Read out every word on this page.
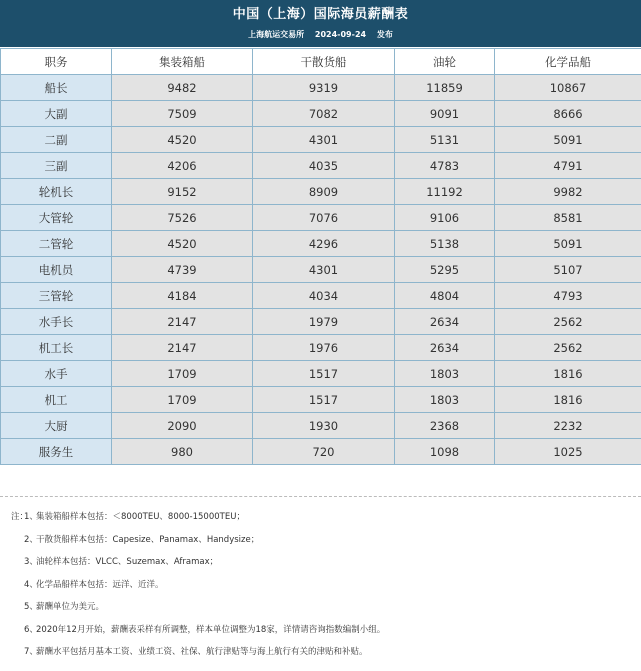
中国（上海）国际海员薪酬表
上海航运交易所 2024-09-24 发布
职务	集装箱船	干散货船	油轮	化学品船
船长	9482	9319	11859	10867
大副	7509	7082	9091	8666
二副	4520	4301	5131	5091
三副	4206	4035	4783	4791
轮机长	9152	8909	11192	9982
大管轮	7526	7076	9106	8581
二管轮	4520	4296	5138	5091
电机员	4739	4301	5295	5107
三管轮	4184	4034	4804	4793
水手长	2147	1979	2634	2562
机工长	2147	1976	2634	2562
水手	1709	1517	1803	1816
机工	1709	1517	1803	1816
大厨	2090	1930	2368	2232
服务生	980	720	1098	1025
注：1、集装箱船样本包括：＜8000TEU、8000-15000TEU；
2、干散货船样本包括：Capesize、Panamax、Handysize；
3、油轮样本包括：VLCC、Suzemax、Aframax；
4、化学品船样本包括：远洋、近洋。
5、薪酬单位为美元。
6、2020年12月开始，薪酬表采样有所调整，样本单位调整为18家，详情请咨询指数编制小组。
7、薪酬水平包括月基本工资、业绩工资、社保、航行津贴等与海上航行有关的津贴和补贴。
